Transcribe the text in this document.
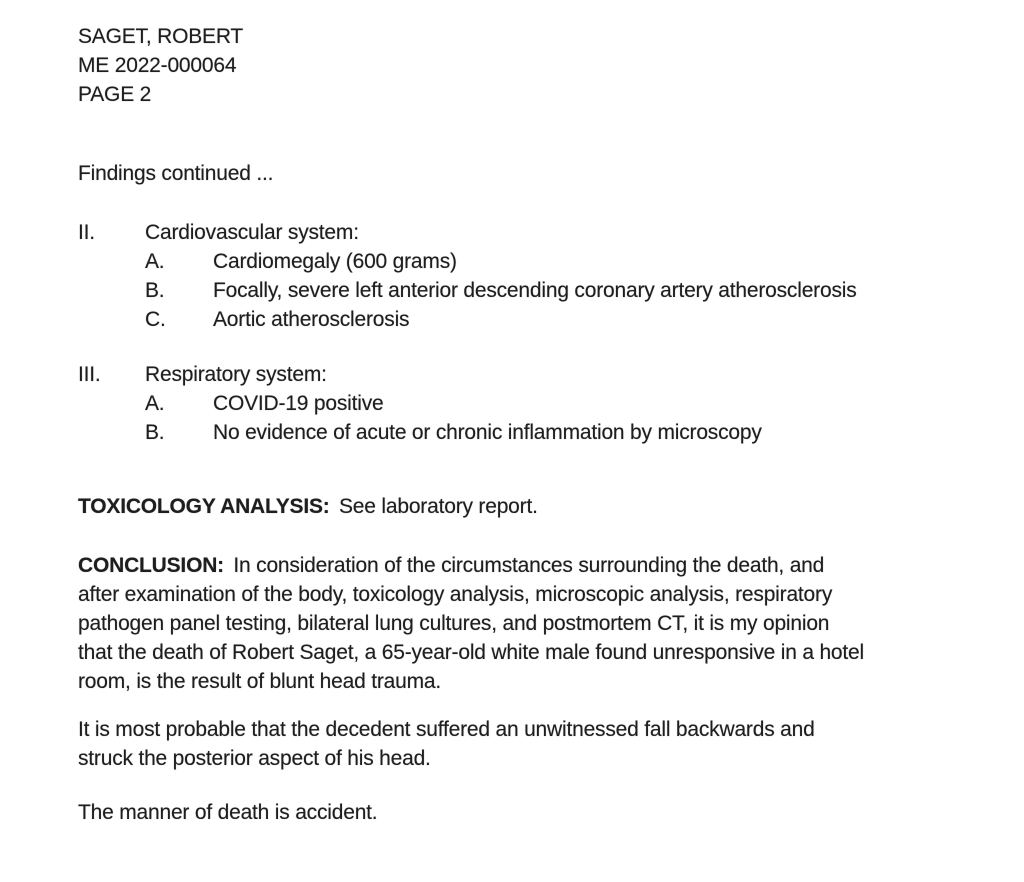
SAGET, ROBERT
ME 2022-000064
PAGE 2
Findings continued ...
II.	Cardiovascular system:
A.	Cardiomegaly (600 grams)
B.	Focally, severe left anterior descending coronary artery atherosclerosis
C.	Aortic atherosclerosis
III.	Respiratory system:
A.	COVID-19 positive
B.	No evidence of acute or chronic inflammation by microscopy
TOXICOLOGY ANALYSIS: See laboratory report.
CONCLUSION: In consideration of the circumstances surrounding the death, and
after examination of the body, toxicology analysis, microscopic analysis, respiratory
pathogen panel testing, bilateral lung cultures, and postmortem CT, it is my opinion
that the death of Robert Saget, a 65-year-old white male found unresponsive in a hotel
room, is the result of blunt head trauma.
It is most probable that the decedent suffered an unwitnessed fall backwards and
struck the posterior aspect of his head.
The manner of death is accident.
